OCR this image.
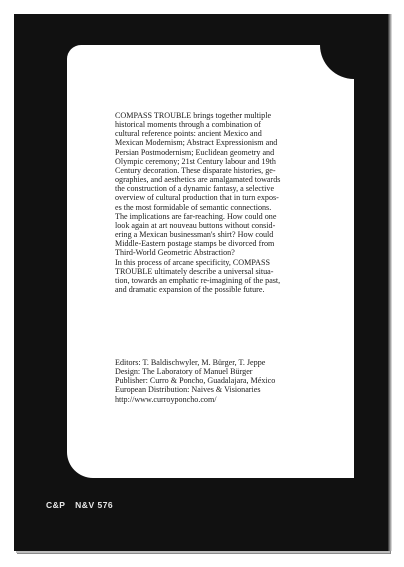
COMPASS TROUBLE brings together multiple
historical moments through a combination of
cultural reference points: ancient Mexico and
Mexican Modernism; Abstract Expressionism and
Persian Postmodernism; Euclidean geometry and
Olympic ceremony; 21st Century labour and 19th
Century decoration. These disparate histories, ge-
ographies, and aesthetics are amalgamated towards
the construction of a dynamic fantasy, a selective
overview of cultural production that in turn expos-
es the most formidable of semantic connections.
The implications are far-reaching. How could one
look again at art nouveau buttons without consid-
ering a Mexican businessman's shirt? How could
Middle-Eastern postage stamps be divorced from
Third-World Geometric Abstraction?
In this process of arcane specificity, COMPASS
TROUBLE ultimately describe a universal situa-
tion, towards an emphatic re-imagining of the past,
and dramatic expansion of the possible future.

Editors: T. Baldischwyler, M. Bürger, T. Jeppe
Design: The Laboratory of Manuel Bürger
Publisher: Curro & Poncho, Guadalajara, México
European Distribution: Naives & Visionaries
http://www.curroyponcho.com/

C&P N&V 576
